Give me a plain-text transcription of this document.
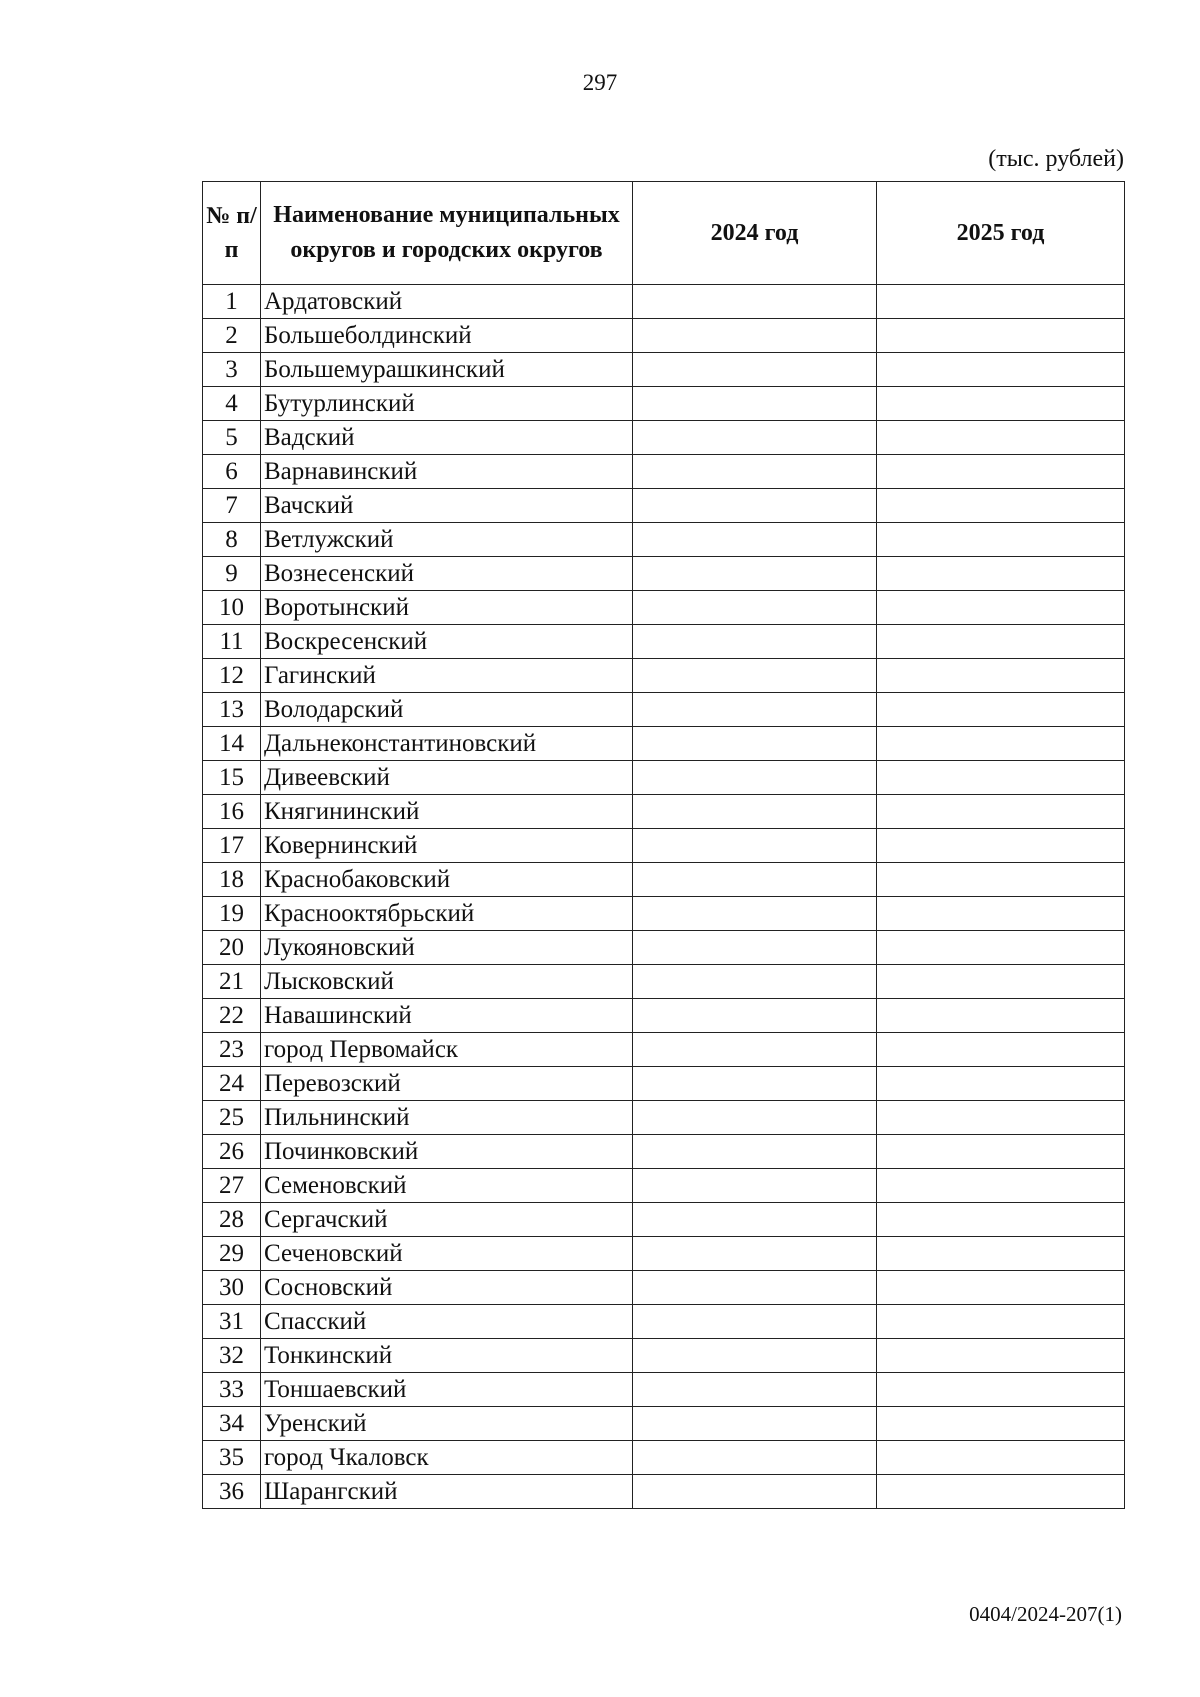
297
(тыс. рублей)
№ п/п	Наименование муниципальных округов и городских округов	2024 год	2025 год
1	Ардатовский		
2	Большеболдинский		
3	Большемурашкинский		
4	Бутурлинский		
5	Вадский		
6	Варнавинский		
7	Вачский		
8	Ветлужский		
9	Вознесенский		
10	Воротынский		
11	Воскресенский		
12	Гагинский		
13	Володарский		
14	Дальнеконстантиновский		
15	Дивеевский		
16	Княгининский		
17	Ковернинский		
18	Краснобаковский		
19	Краснооктябрьский		
20	Лукояновский		
21	Лысковский		
22	Навашинский		
23	город Первомайск		
24	Перевозский		
25	Пильнинский		
26	Починковский		
27	Семеновский		
28	Сергачский		
29	Сеченовский		
30	Сосновский		
31	Спасский		
32	Тонкинский		
33	Тоншаевский		
34	Уренский		
35	город Чкаловск		
36	Шарангский		
0404/2024-207(1)
